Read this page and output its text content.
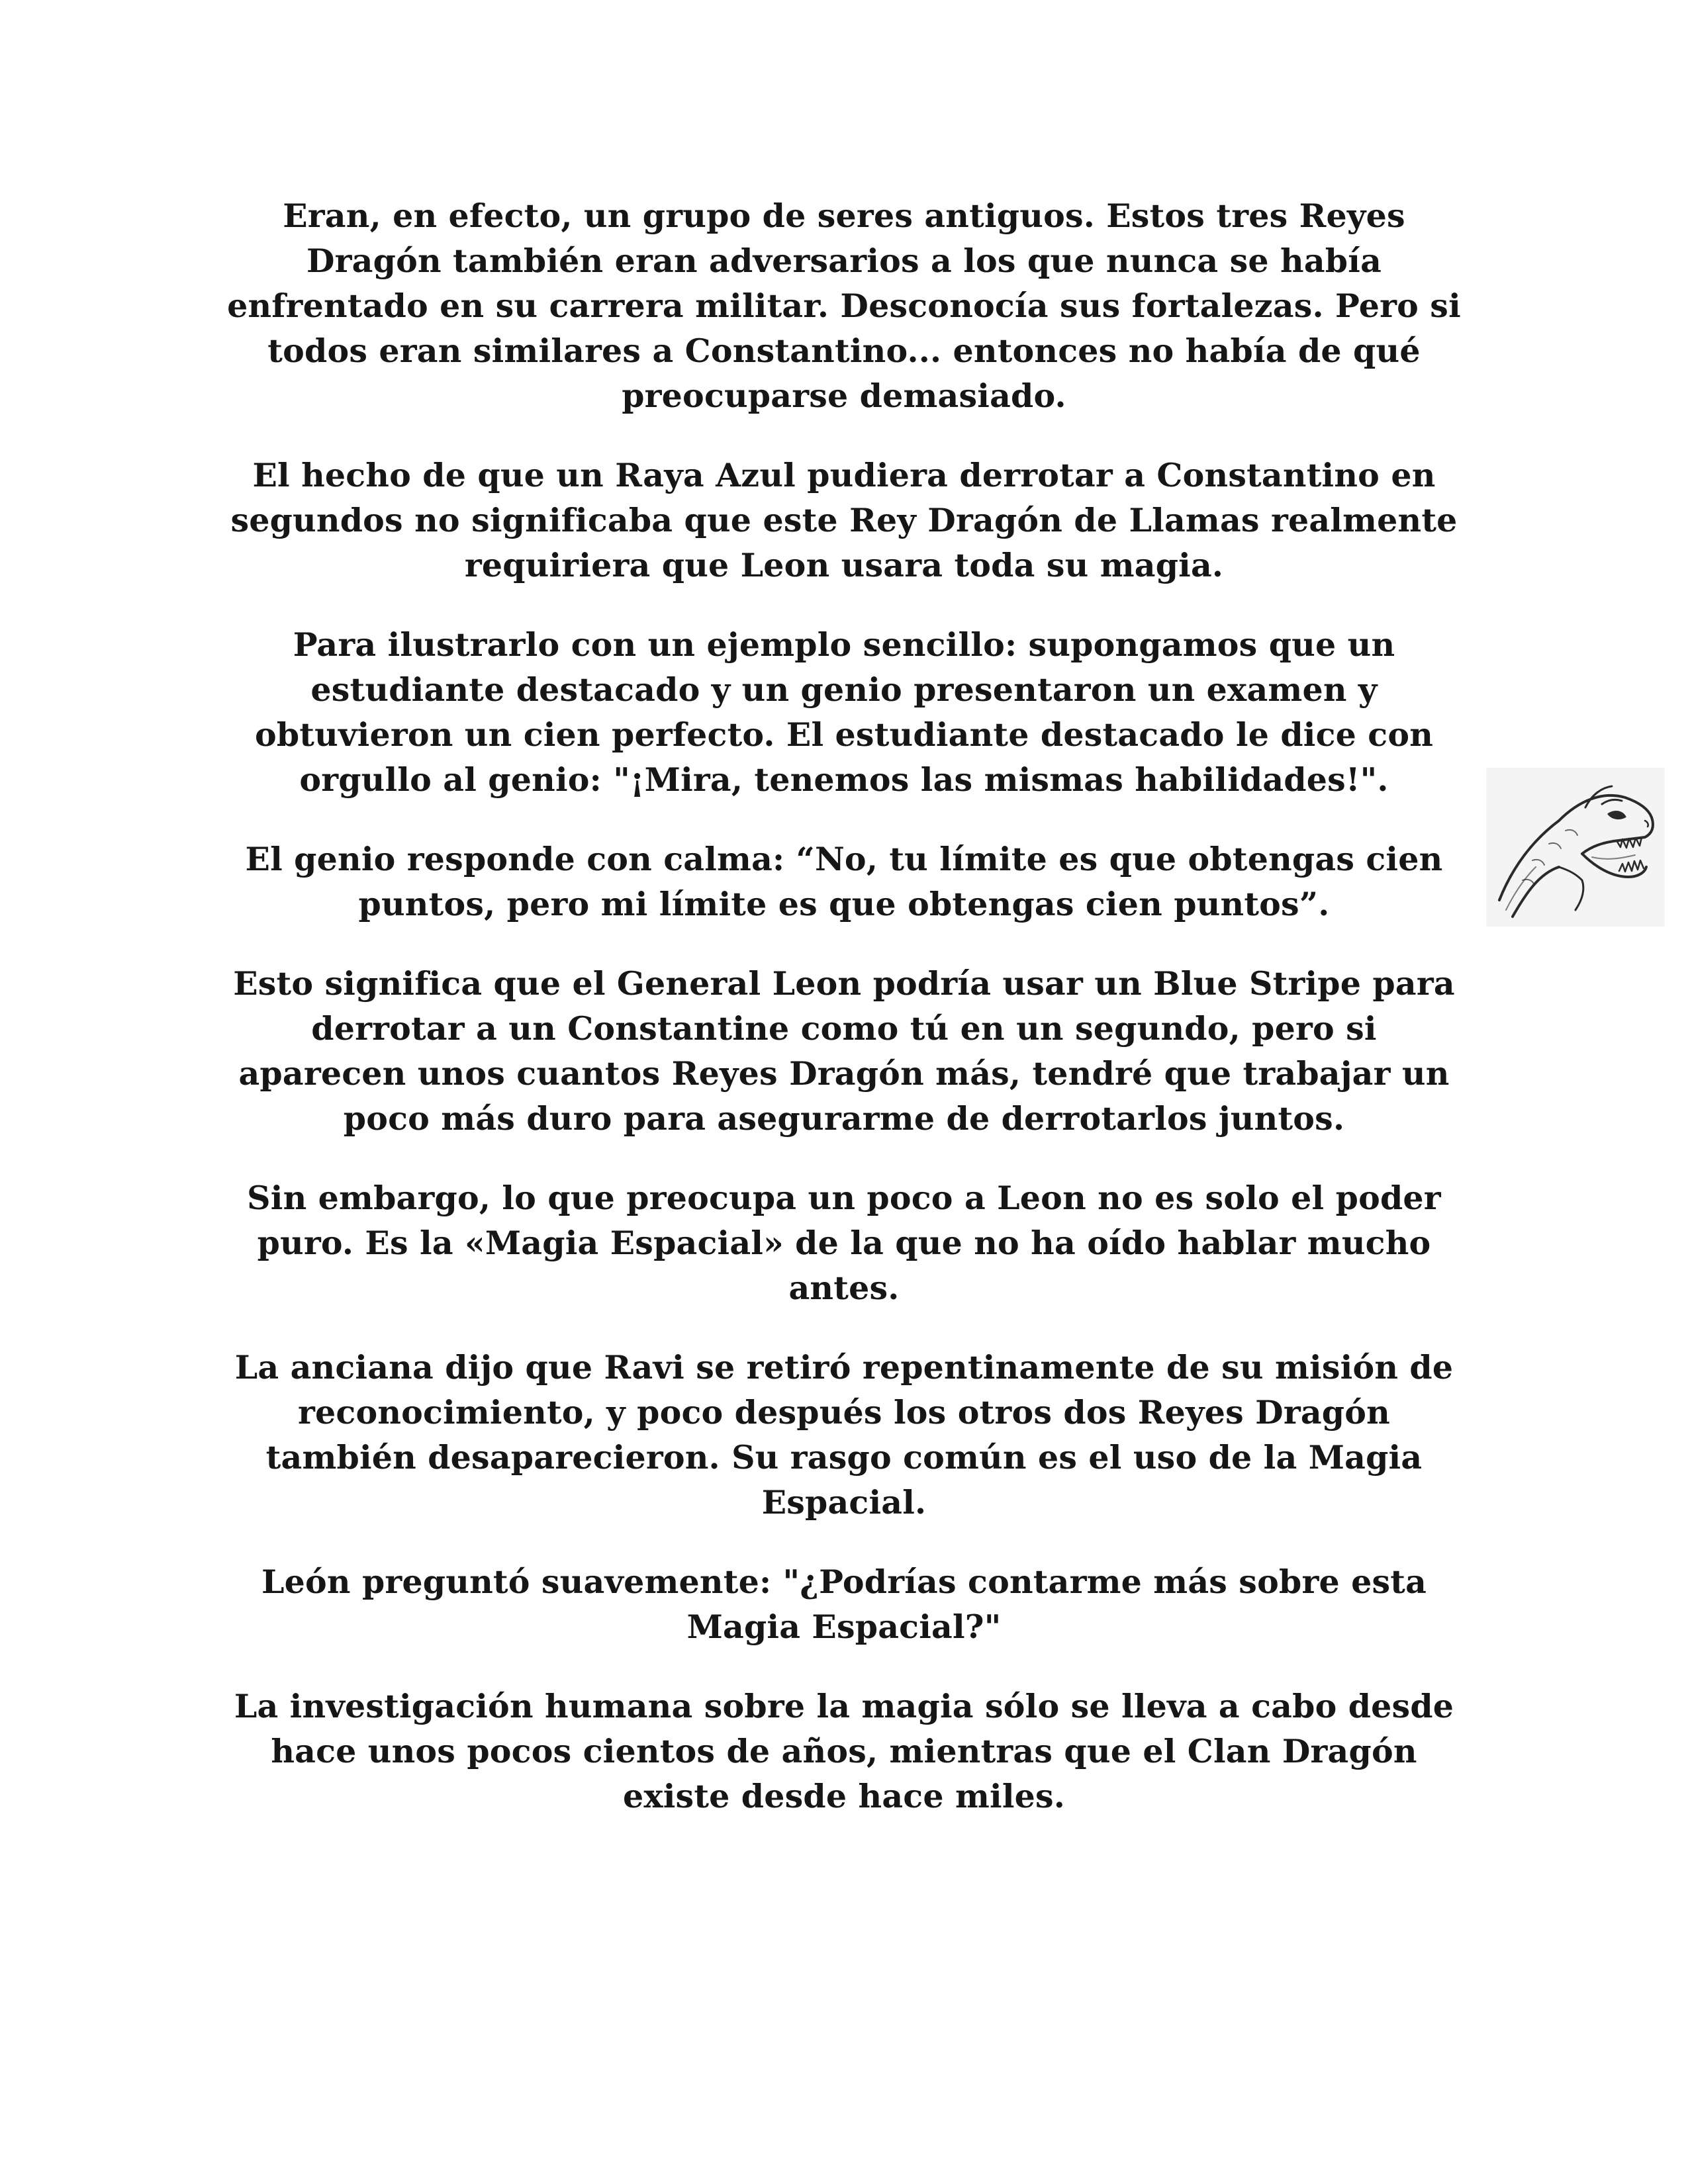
Eran, en efecto, un grupo de seres antiguos. Estos tres Reyes Dragón también eran adversarios a los que nunca se había enfrentado en su carrera militar. Desconocía sus fortalezas. Pero si todos eran similares a Constantino... entonces no había de qué preocuparse demasiado.

El hecho de que un Raya Azul pudiera derrotar a Constantino en segundos no significaba que este Rey Dragón de Llamas realmente requiriera que Leon usara toda su magia.

Para ilustrarlo con un ejemplo sencillo: supongamos que un estudiante destacado y un genio presentaron un examen y obtuvieron un cien perfecto. El estudiante destacado le dice con orgullo al genio: "¡Mira, tenemos las mismas habilidades!".

El genio responde con calma: “No, tu límite es que obtengas cien puntos, pero mi límite es que obtengas cien puntos”.

Esto significa que el General Leon podría usar un Blue Stripe para derrotar a un Constantine como tú en un segundo, pero si aparecen unos cuantos Reyes Dragón más, tendré que trabajar un poco más duro para asegurarme de derrotarlos juntos.

Sin embargo, lo que preocupa un poco a Leon no es solo el poder puro. Es la «Magia Espacial» de la que no ha oído hablar mucho antes.

La anciana dijo que Ravi se retiró repentinamente de su misión de reconocimiento, y poco después los otros dos Reyes Dragón también desaparecieron. Su rasgo común es el uso de la Magia Espacial.

León preguntó suavemente: "¿Podrías contarme más sobre esta Magia Espacial?"

La investigación humana sobre la magia sólo se lleva a cabo desde hace unos pocos cientos de años, mientras que el Clan Dragón existe desde hace miles.
